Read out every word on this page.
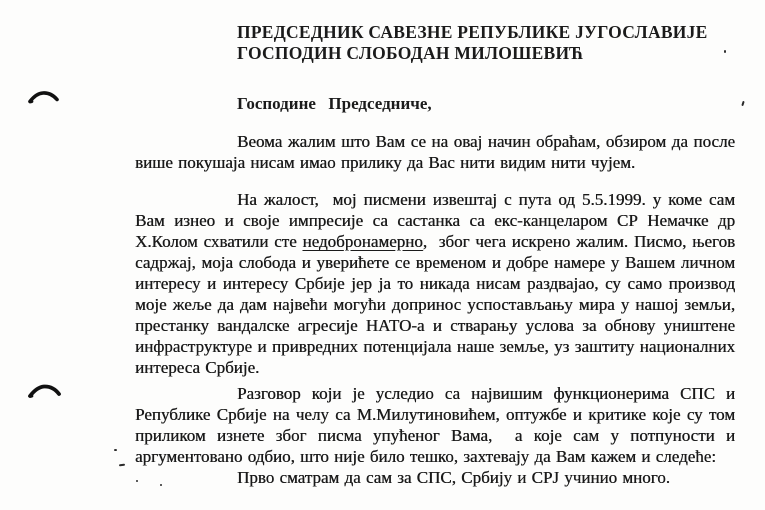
ПРЕДСЕДНИК САВЕЗНЕ РЕПУБЛИКЕ ЈУГОСЛАВИЈЕ
ГОСПОДИН СЛОБОДАН МИЛОШЕВИЋ
Господине  Председниче,
Веома жалим што Вам се на овај начин обраћам, обзиром да после више покушаја нисам имао прилику да Вас нити видим нити чујем.
На жалост,  мој писмени извештај с пута од 5.5.1999. у коме сам Вам изнео и своје импресије са састанка са екс-канцеларом СР Немачке др Х.Колом схватили сте недобронамерно,  због чега искрено жалим. Писмо, његов садржај, моја слобода и уверићете се временом и добре намере у Вашем личном интересу и интересу Србије јер ја то никада нисам раздвајао, су само производ моје жеље да дам највећи могући допринос успостављању мира у нашој земљи, престанку вандалске агресије НАТО-а и стварању услова за обнову уништене инфраструктуре и привредних потенцијала наше земље, уз заштиту националних интереса Србије.
Разговор који је уследио са највишим функционерима СПС и Републике Србије на челу са М.Милутиновићем, оптужбе и критике које су том приликом изнете због писма упућеног Вама,  а које сам у потпуности и аргументовано одбио, што није било тешко, захтевају да Вам кажем и следеће:
Прво сматрам да сам за СПС, Србију и СРЈ учинио много.
